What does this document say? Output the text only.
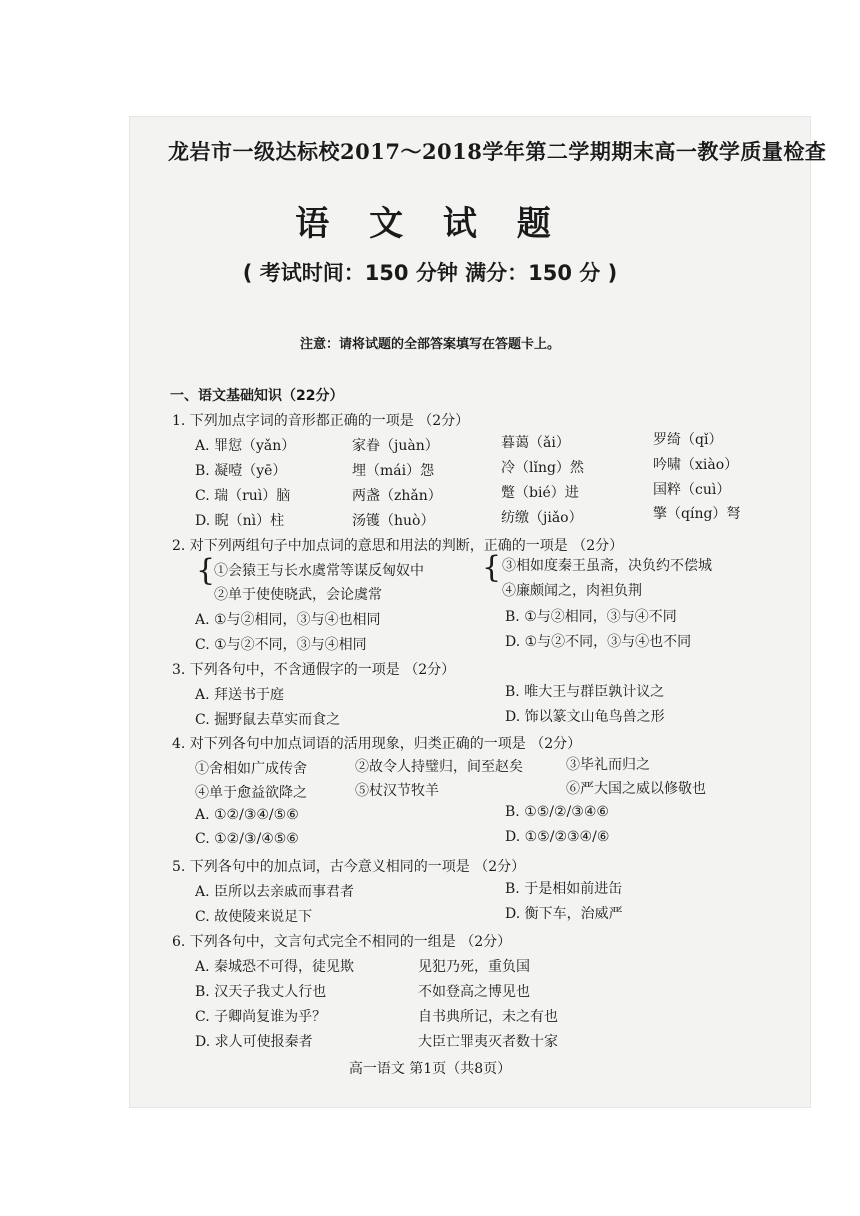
龙岩市一级达标校2017～2018学年第二学期期末高一教学质量检查
语 文 试 题
( 考试时间：150 分钟 满分：150 分 )
注意：请将试题的全部答案填写在答题卡上。
一、语文基础知识（22分）
1. 下列加点字词的音形都正确的一项是 （2分）
A. 罪愆（yǎn）	家眷（juàn）	暮蔼（ǎi）	罗绮（qǐ）
B. 凝噎（yē）	埋（mái）怨	冷（lǐng）然	吟啸（xiào）
C. 瑞（ruì）脑	两盏（zhǎn）	蹩（bié）进	国粹（cuì）
D. 睨（nì）柱	汤镬（huò）	纺缴（jiǎo）	擎（qíng）弩
2. 对下列两组句子中加点词的意思和用法的判断，正确的一项是 （2分）
{
①会猿王与长水虞常等谋反匈奴中
②单于使使晓武，会论虞常
{ ③相如度秦王虽斋，决负约不偿城
④廉颇闻之，肉袒负荆
A. ①与②相同，③与④也相同	B. ①与②相同，③与④不同
C. ①与②不同，③与④相同	D. ①与②不同，③与④也不同
3. 下列各句中，不含通假字的一项是 （2分）
A. 拜送书于庭	B. 唯大王与群臣孰计议之
C. 掘野鼠去草实而食之	D. 饰以篆文山龟鸟兽之形
4. 对下列各句中加点词语的活用现象，归类正确的一项是 （2分）
①舍相如广成传舍	②故令人持璧归，间至赵矣	③毕礼而归之
④单于愈益欲降之	⑤杖汉节牧羊	⑥严大国之威以修敬也
A. ①②/③④/⑤⑥	B. ①⑤/②/③④⑥
C. ①②/③/④⑤⑥	D. ①⑤/②③④/⑥
5. 下列各句中的加点词，古今意义相同的一项是 （2分）
A. 臣所以去亲戚而事君者	B. 于是相如前进缶
C. 故使陵来说足下	D. 衡下车，治威严
6. 下列各句中，文言句式完全不相同的一组是 （2分）
A. 秦城恐不可得，徒见欺	见犯乃死，重负国
B. 汉天子我丈人行也	不如登高之博见也
C. 子卿尚复谁为乎？	自书典所记，未之有也
D. 求人可使报秦者	大臣亡罪夷灭者数十家
高一语文 第1页（共8页）
